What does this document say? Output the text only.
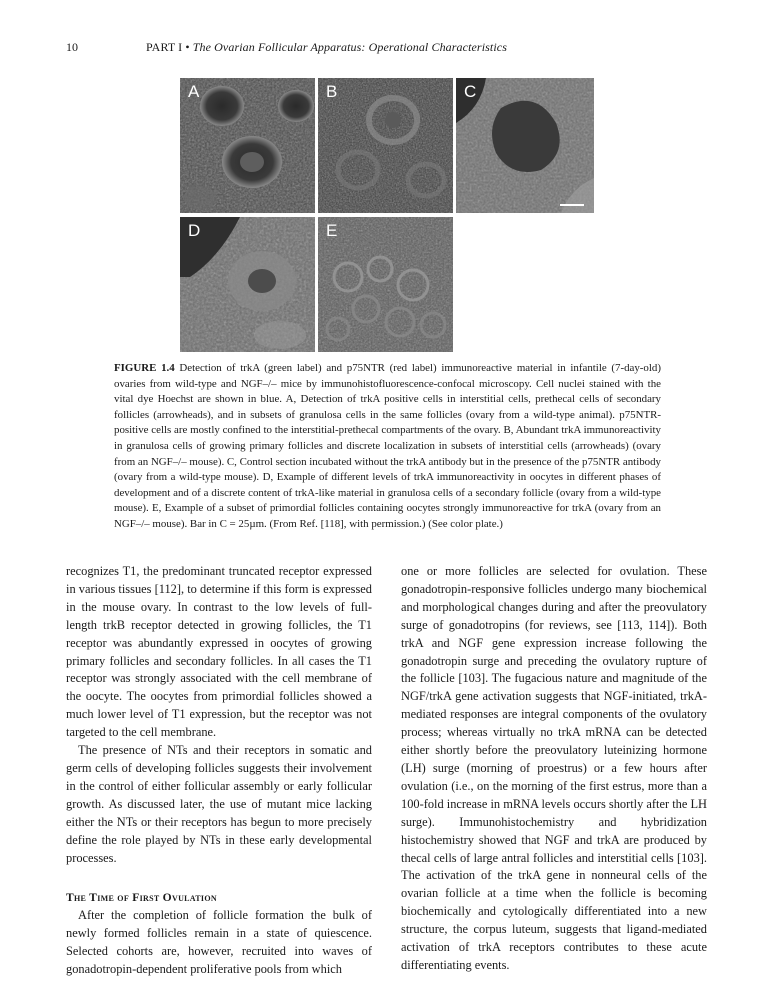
10	PART I • The Ovarian Follicular Apparatus: Operational Characteristics
A	B	C
D	E
FIGURE 1.4 Detection of trkA (green label) and p75NTR (red label) immunoreactive material in infantile (7-day-old) ovaries from wild-type and NGF–/– mice by immunohistofluorescence-confocal microscopy. Cell nuclei stained with the vital dye Hoechst are shown in blue. A, Detection of trkA positive cells in interstitial cells, prethecal cells of secondary follicles (arrowheads), and in subsets of granulosa cells in the same follicles (ovary from a wild-type animal). p75NTR-positive cells are mostly confined to the interstitial-prethecal compartments of the ovary. B, Abundant trkA immunoreactivity in granulosa cells of growing primary follicles and discrete localization in subsets of interstitial cells (arrowheads) (ovary from an NGF–/– mouse). C, Control section incubated without the trkA antibody but in the presence of the p75NTR antibody (ovary from a wild-type mouse). D, Example of different levels of trkA immunoreactivity in oocytes in different phases of development and of a discrete content of trkA-like material in granulosa cells of a secondary follicle (ovary from a wild-type mouse). E, Example of a subset of primordial follicles containing oocytes strongly immunoreactive for trkA (ovary from an NGF–/– mouse). Bar in C = 25µm. (From Ref. [118], with permission.) (See color plate.)

recognizes T1, the predominant truncated receptor expressed in various tissues [112], to determine if this form is expressed in the mouse ovary. In contrast to the low levels of full-length trkB receptor detected in growing follicles, the T1 receptor was abundantly expressed in oocytes of growing primary follicles and secondary follicles. In all cases the T1 receptor was strongly associated with the cell membrane of the oocyte. The oocytes from primordial follicles showed a much lower level of T1 expression, but the receptor was not targeted to the cell membrane.

The presence of NTs and their receptors in somatic and germ cells of developing follicles suggests their involvement in the control of either follicular assembly or early follicular growth. As discussed later, the use of mutant mice lacking either the NTs or their receptors has begun to more precisely define the role played by NTs in these early developmental processes.

The Time of First Ovulation

After the completion of follicle formation the bulk of newly formed follicles remain in a state of quiescence. Selected cohorts are, however, recruited into waves of gonadotropin-dependent proliferative pools from which

one or more follicles are selected for ovulation. These gonadotropin-responsive follicles undergo many biochemical and morphological changes during and after the preovulatory surge of gonadotropins (for reviews, see [113, 114]). Both trkA and NGF gene expression increase following the gonadotropin surge and preceding the ovulatory rupture of the follicle [103]. The fugacious nature and magnitude of the NGF/trkA gene activation suggests that NGF-initiated, trkA-mediated responses are integral components of the ovulatory process; whereas virtually no trkA mRNA can be detected either shortly before the preovulatory luteinizing hormone (LH) surge (morning of proestrus) or a few hours after ovulation (i.e., on the morning of the first estrus, more than a 100-fold increase in mRNA levels occurs shortly after the LH surge). Immunohistochemistry and hybridization histochemistry showed that NGF and trkA are produced by thecal cells of large antral follicles and interstitial cells [103]. The activation of the trkA gene in nonneural cells of the ovarian follicle at a time when the follicle is becoming biochemically and cytologically differentiated into a new structure, the corpus luteum, suggests that ligand-mediated activation of trkA receptors contributes to these acute differentiating events.
